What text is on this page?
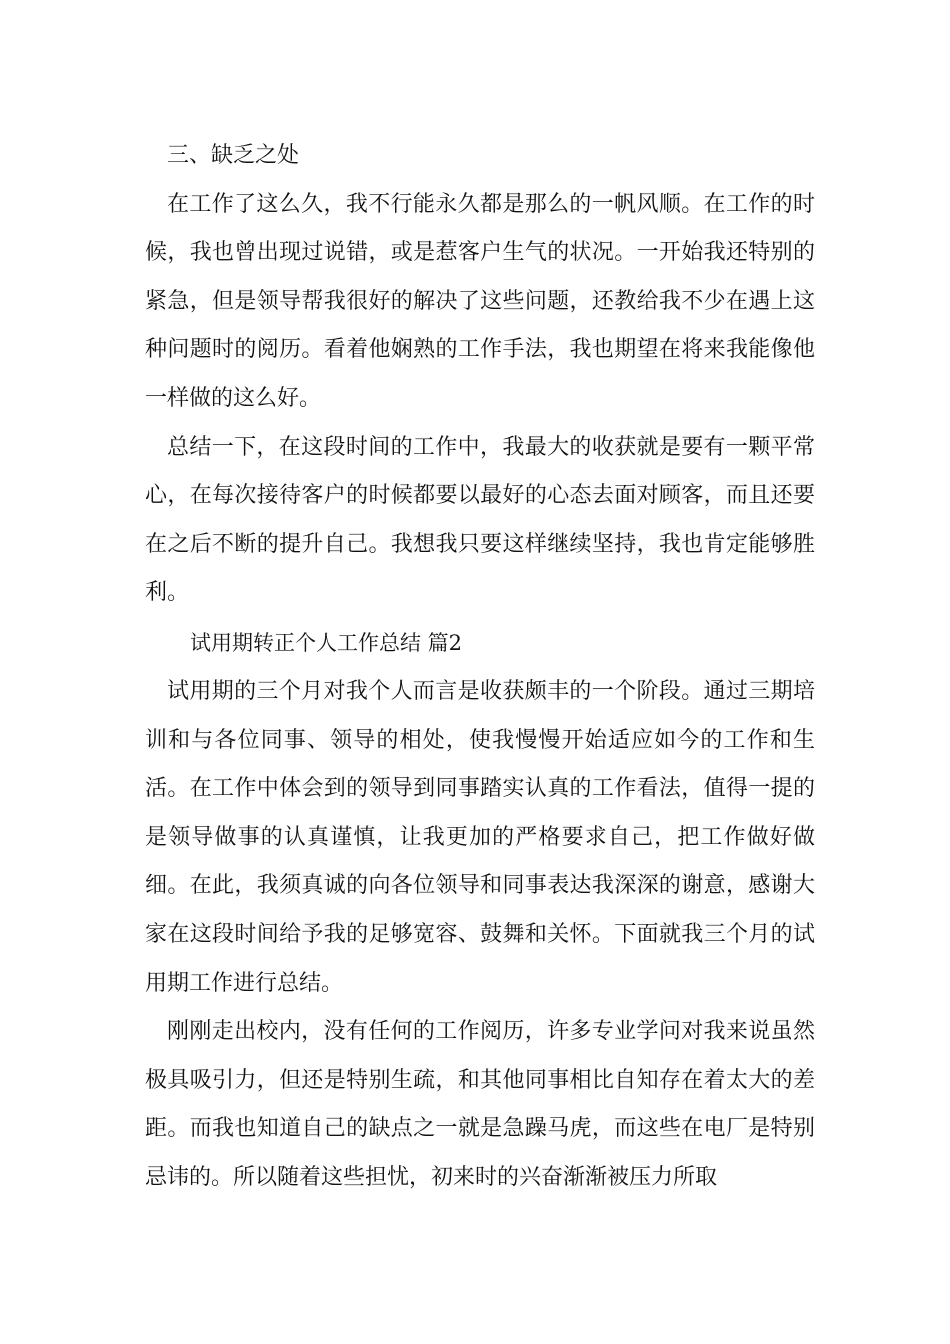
三、缺乏之处

在工作了这么久，我不行能永久都是那么的一帆风顺。在工作的时候，我也曾出现过说错，或是惹客户生气的状况。一开始我还特别的紧急，但是领导帮我很好的解决了这些问题，还教给我不少在遇上这种问题时的阅历。看着他娴熟的工作手法，我也期望在将来我能像他一样做的这么好。

总结一下，在这段时间的工作中，我最大的收获就是要有一颗平常心，在每次接待客户的时候都要以最好的心态去面对顾客，而且还要在之后不断的提升自己。我想我只要这样继续坚持，我也肯定能够胜利。

试用期转正个人工作总结 篇2

试用期的三个月对我个人而言是收获颇丰的一个阶段。通过三期培训和与各位同事、领导的相处，使我慢慢开始适应如今的工作和生活。在工作中体会到的领导到同事踏实认真的工作看法，值得一提的是领导做事的认真谨慎，让我更加的严格要求自己，把工作做好做细。在此，我须真诚的向各位领导和同事表达我深深的谢意，感谢大家在这段时间给予我的足够宽容、鼓舞和关怀。下面就我三个月的试用期工作进行总结。

刚刚走出校内，没有任何的工作阅历，许多专业学问对我来说虽然极具吸引力，但还是特别生疏，和其他同事相比自知存在着太大的差距。而我也知道自己的缺点之一就是急躁马虎，而这些在电厂是特别忌讳的。所以随着这些担忧，初来时的兴奋渐渐被压力所取
